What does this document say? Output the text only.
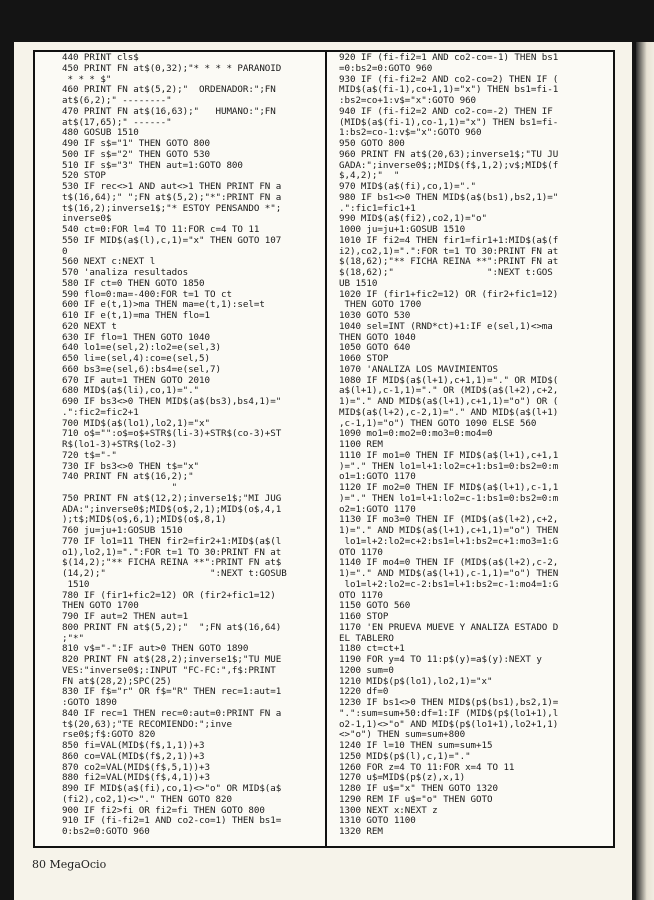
440 PRINT cls$
450 PRINT FN at$(0,32);"* * * * PARANOID
* * * $"
460 PRINT FN at$(5,2);"  ORDENADOR:";FN
at$(6,2);" --------"
470 PRINT FN at$(16,63);"   HUMANO:";FN
at$(17,65);" ------"
480 GOSUB 1510
490 IF s$="1" THEN GOTO 800
500 IF s$="2" THEN GOTO 530
510 IF s$="3" THEN aut=1:GOTO 800
520 STOP
530 IF rec<>1 AND aut<>1 THEN PRINT FN a
t$(16,64);" ";FN at$(5,2);"*":PRINT FN a
t$(16,2);inverse1$;"* ESTOY PENSANDO *";
inverse0$
540 ct=0:FOR l=4 TO 11:FOR c=4 TO 11
550 IF MID$(a$(l),c,1)="x" THEN GOTO 107
0
560 NEXT c:NEXT l
570 'analiza resultados
580 IF ct=0 THEN GOTO 1850
590 flo=0:ma=-400:FOR t=1 TO ct
600 IF e(t,1)>ma THEN ma=e(t,1):sel=t
610 IF e(t,1)=ma THEN flo=1
620 NEXT t
630 IF flo=1 THEN GOTO 1040
640 lo1=e(sel,2):lo2=e(sel,3)
650 li=e(sel,4):co=e(sel,5)
660 bs3=e(sel,6):bs4=e(sel,7)
670 IF aut=1 THEN GOTO 2010
680 MID$(a$(li),co,1)="."
690 IF bs3<>0 THEN MID$(a$(bs3),bs4,1)="
.":fic2=fic2+1
700 MID$(a$(lo1),lo2,1)="x"
710 o$="":o$=o$+STR$(li-3)+STR$(co-3)+ST
R$(lo1-3)+STR$(lo2-3)
720 t$="-"
730 IF bs3<>0 THEN t$="x"
740 PRINT FN at$(16,2);"
"
750 PRINT FN at$(12,2);inverse1$;"MI JUG
ADA:";inverse0$;MID$(o$,2,1);MID$(o$,4,1
);t$;MID$(o$,6,1);MID$(o$,8,1)
760 ju=ju+1:GOSUB 1510
770 IF lo1=11 THEN fir2=fir2+1:MID$(a$(l
o1),lo2,1)=".":FOR t=1 TO 30:PRINT FN at
$(14,2);"** FICHA REINA **":PRINT FN at$
(14,2);"                   ":NEXT t:GOSUB
1510
780 IF (fir1+fic2=12) OR (fir2+fic1=12)
THEN GOTO 1700
790 IF aut=2 THEN aut=1
800 PRINT FN at$(5,2);"  ";FN at$(16,64)
;"*"
810 v$="-":IF aut>0 THEN GOTO 1890
820 PRINT FN at$(28,2);inverse1$;"TU MUE
VES:"inverse0$;:INPUT "FC-FC:",f$:PRINT
FN at$(28,2);SPC(25)
830 IF f$="r" OR f$="R" THEN rec=1:aut=1
:GOTO 1890
840 IF rec=1 THEN rec=0:aut=0:PRINT FN a
t$(20,63);"TE RECOMIENDO:";inve
rse0$;f$:GOTO 820
850 fi=VAL(MID$(f$,1,1))+3
860 co=VAL(MID$(f$,2,1))+3
870 co2=VAL(MID$(f$,5,1))+3
880 fi2=VAL(MID$(f$,4,1))+3
890 IF MID$(a$(fi),co,1)<>"o" OR MID$(a$
(fi2),co2,1)<>"." THEN GOTO 820
900 IF fi2>fi OR fi2=fi THEN GOTO 800
910 IF (fi-fi2=1 AND co2-co=1) THEN bs1=
0:bs2=0:GOTO 960
920 IF (fi-fi2=1 AND co2-co=-1) THEN bs1
=0:bs2=0:GOTO 960
930 IF (fi-fi2=2 AND co2-co=2) THEN IF (
MID$(a$(fi-1),co+1,1)="x") THEN bs1=fi-1
:bs2=co+1:v$="x":GOTO 960
940 IF (fi-fi2=2 AND co2-co=-2) THEN IF
(MID$(a$(fi-1),co-1,1)="x") THEN bs1=fi-
1:bs2=co-1:v$="x":GOTO 960
950 GOTO 800
960 PRINT FN at$(20,63);inverse1$;"TU JU
GADA:";inverse0$;;MID$(f$,1,2);v$;MID$(f
$,4,2);"  "
970 MID$(a$(fi),co,1)="."
980 IF bs1<>0 THEN MID$(a$(bs1),bs2,1)="
.":fic1=fic1+1
990 MID$(a$(fi2),co2,1)="o"
1000 ju=ju+1:GOSUB 1510
1010 IF fi2=4 THEN fir1=fir1+1:MID$(a$(f
i2),co2,1)=".":FOR t=1 TO 30:PRINT FN at
$(18,62);"** FICHA REINA **":PRINT FN at
$(18,62);"                 ":NEXT t:GOS
UB 1510
1020 IF (fir1+fic2=12) OR (fir2+fic1=12)
THEN GOTO 1700
1030 GOTO 530
1040 sel=INT (RND*ct)+1:IF e(sel,1)<>ma
THEN GOTO 1040
1050 GOTO 640
1060 STOP
1070 'ANALIZA LOS MAVIMIENTOS
1080 IF MID$(a$(l+1),c+1,1)="." OR MID$(
a$(l+1),c-1,1)="." OR (MID$(a$(l+2),c+2,
1)="." AND MID$(a$(l+1),c+1,1)="o") OR (
MID$(a$(l+2),c-2,1)="." AND MID$(a$(l+1)
,c-1,1)="o") THEN GOTO 1090 ELSE 560
1090 mo1=0:mo2=0:mo3=0:mo4=0
1100 REM
1110 IF mo1=0 THEN IF MID$(a$(l+1),c+1,1
)="." THEN lo1=l+1:lo2=c+1:bs1=0:bs2=0:m
o1=1:GOTO 1170
1120 IF mo2=0 THEN IF MID$(a$(l+1),c-1,1
)="." THEN lo1=l+1:lo2=c-1:bs1=0:bs2=0:m
o2=1:GOTO 1170
1130 IF mo3=0 THEN IF (MID$(a$(l+2),c+2,
1)="." AND MID$(a$(l+1),c+1,1)="o") THEN
lo1=l+2:lo2=c+2:bs1=l+1:bs2=c+1:mo3=1:G
OTO 1170
1140 IF mo4=0 THEN IF (MID$(a$(l+2),c-2,
1)="." AND MID$(a$(l+1),c-1,1)="o") THEN
lo1=l+2:lo2=c-2:bs1=l+1:bs2=c-1:mo4=1:G
OTO 1170
1150 GOTO 560
1160 STOP
1170 'EN PRUEVA MUEVE Y ANALIZA ESTADO D
EL TABLERO
1180 ct=ct+1
1190 FOR y=4 TO 11:p$(y)=a$(y):NEXT y
1200 sum=0
1210 MID$(p$(lo1),lo2,1)="x"
1220 df=0
1230 IF bs1<>0 THEN MID$(p$(bs1),bs2,1)=
".":sum=sum+50:df=1:IF (MID$(p$(lo1+1),l
o2-1,1)<>"o" AND MID$(p$(lo1+1),lo2+1,1)
<>"o") THEN sum=sum+800
1240 IF l=10 THEN sum=sum+15
1250 MID$(p$(l),c,1)="."
1260 FOR z=4 TO 11:FOR x=4 TO 11
1270 u$=MID$(p$(z),x,1)
1280 IF u$="x" THEN GOTO 1320
1290 REM IF u$="o" THEN GOTO
1300 NEXT x:NEXT z
1310 GOTO 1100
1320 REM
80 MegaOcio
